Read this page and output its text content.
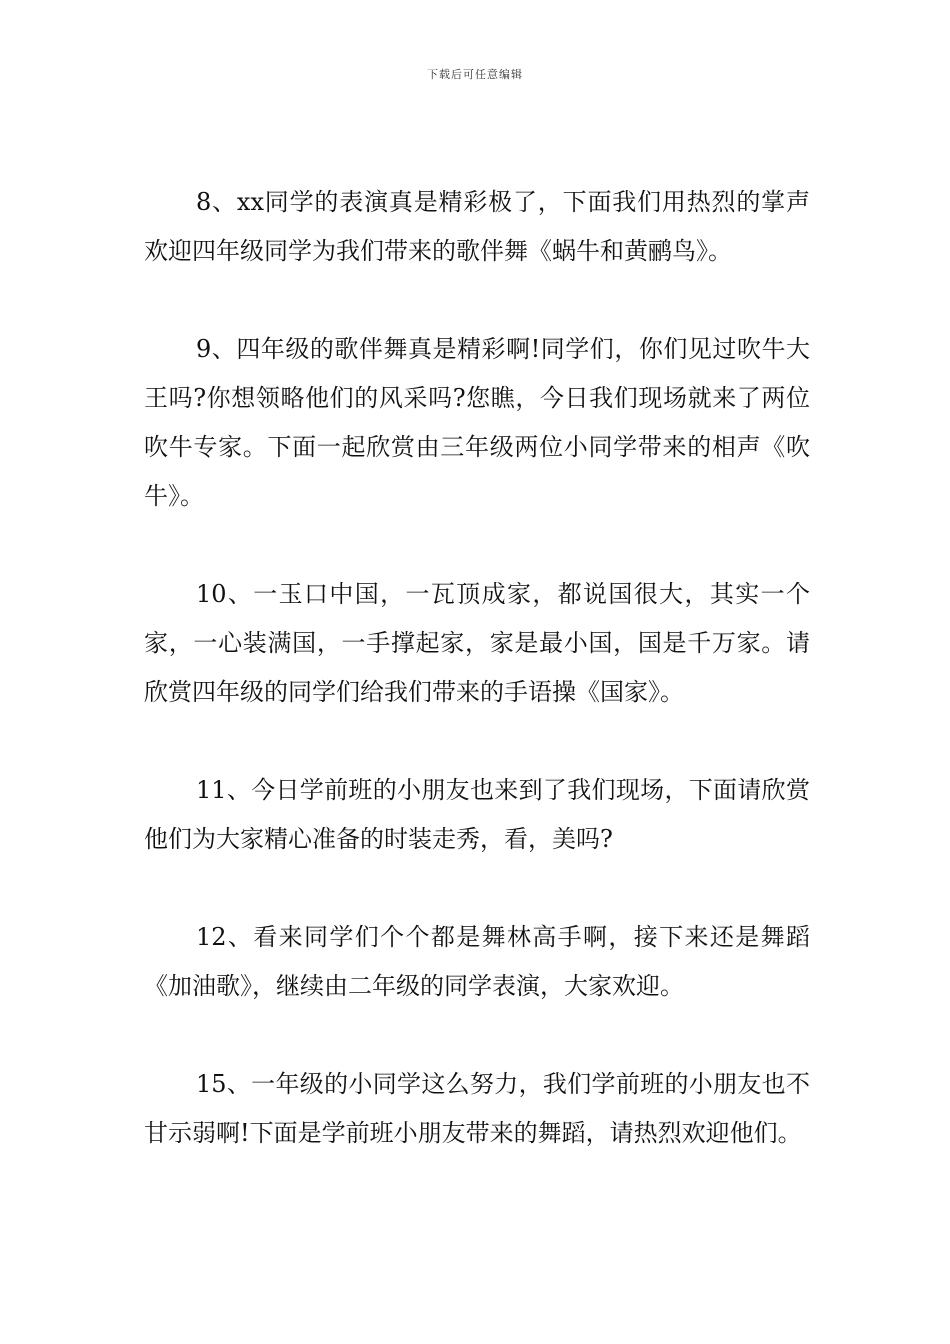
下载后可任意编辑

8、xx同学的表演真是精彩极了，下面我们用热烈的掌声欢迎四年级同学为我们带来的歌伴舞《蜗牛和黄鹂鸟》。

9、四年级的歌伴舞真是精彩啊!同学们，你们见过吹牛大王吗?你想领略他们的风采吗?您瞧，今日我们现场就来了两位吹牛专家。下面一起欣赏由三年级两位小同学带来的相声《吹牛》。

10、一玉口中国，一瓦顶成家，都说国很大，其实一个家，一心装满国，一手撑起家，家是最小国，国是千万家。请欣赏四年级的同学们给我们带来的手语操《国家》。

11、今日学前班的小朋友也来到了我们现场，下面请欣赏他们为大家精心准备的时装走秀，看，美吗?

12、看来同学们个个都是舞林高手啊，接下来还是舞蹈《加油歌》，继续由二年级的同学表演，大家欢迎。

15、一年级的小同学这么努力，我们学前班的小朋友也不甘示弱啊!下面是学前班小朋友带来的舞蹈，请热烈欢迎他们。
